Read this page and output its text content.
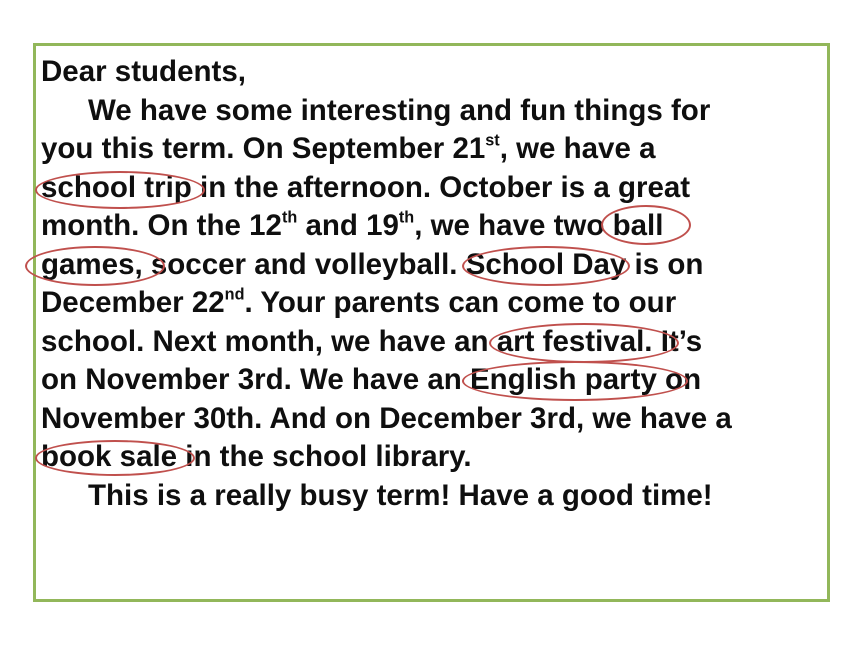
Dear students,
We have some interesting and fun things for
you this term. On September 21st, we have a
school trip
in the afternoon. October is a great
month. On the 12th and 19th, we have two ball
games,
soccer and volleyball. School Day
is on
December 22nd. Your parents can come to our
school. Next month, we have an art festival
. It’s
on November 3rd. We have an English party
on
November 30th. And on December 3rd, we have a
book sale
in the school library.
This is a really busy term! Have a good time!
